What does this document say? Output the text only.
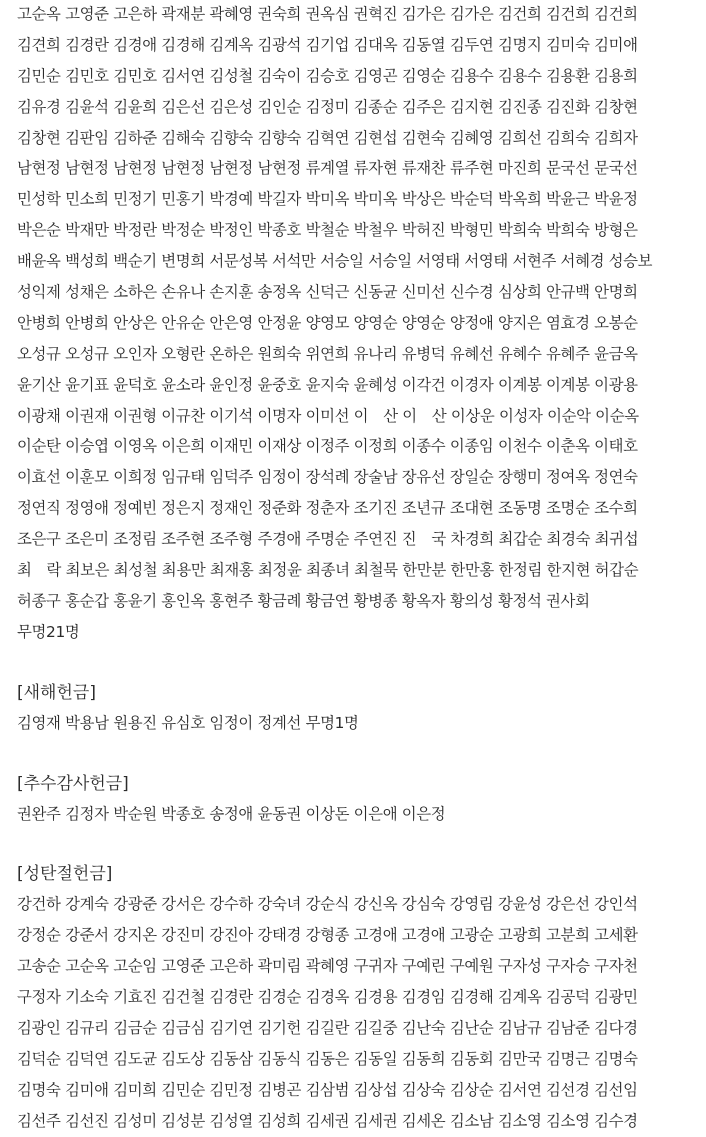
고순옥 고영준 고은하 곽재분 곽혜영 권숙희 권옥심 권혁진 김가은 김가은 김건희 김건희 김건희
김견희 김경란 김경애 김경해 김계옥 김광석 김기업 김대옥 김동열 김두연 김명지 김미숙 김미애
김민순 김민호 김민호 김서연 김성철 김숙이 김승호 김영곤 김영순 김용수 김용수 김용환 김용희
김유경 김윤석 김윤희 김은선 김은성 김인순 김정미 김종순 김주은 김지현 김진종 김진화 김창현
김창현 김판임 김하준 김해숙 김향숙 김향숙 김혁연 김현섭 김현숙 김혜영 김희선 김희숙 김희자
남현정 남현정 남현정 남현정 남현정 남현정 류계열 류자현 류재찬 류주현 마진희 문국선 문국선
민성학 민소희 민정기 민홍기 박경예 박길자 박미옥 박미옥 박상은 박순덕 박옥희 박윤근 박윤정
박은순 박재만 박정란 박정순 박정인 박종호 박철순 박철우 박허진 박형민 박희숙 박희숙 방형은
배윤옥 백성희 백순기 변명희 서문성복 서석만 서승일 서승일 서영태 서영태 서현주 서혜경 성승보
성익제 성채은 소하은 손유나 손지훈 송정옥 신덕근 신동균 신미선 신수경 심상희 안규백 안명희
안병희 안병희 안상은 안유순 안은영 안정윤 양영모 양영순 양영순 양정애 양지은 염효경 오봉순
오성규 오성규 오인자 오형란 온하은 원희숙 위연희 유나리 유병덕 유혜선 유혜수 유혜주 윤금옥
윤기산 윤기표 윤덕호 윤소라 윤인정 윤중호 윤지숙 윤혜성 이각건 이경자 이계봉 이계봉 이광용
이광채 이권재 이권형 이규찬 이기석 이명자 이미선 이　산 이　산 이상운 이성자 이순악 이순옥
이순탄 이승엽 이영옥 이은희 이재민 이재상 이정주 이정희 이종수 이종임 이천수 이춘옥 이태호
이효선 이훈모 이희정 임규태 임덕주 임정이 장석례 장술남 장유선 장일순 장행미 정여옥 정연숙
정연직 정영애 정예빈 정은지 정재인 정준화 정춘자 조기진 조년규 조대현 조동명 조명순 조수희
조은구 조은미 조정림 조주현 조주형 주경애 주명순 주연진 진　국 차경희 최갑순 최경숙 최귀섭
최　락 최보은 최성철 최용만 최재홍 최정윤 최종녀 최철묵 한만분 한만홍 한정림 한지현 허갑순
허종구 홍순갑 홍윤기 홍인옥 홍현주 황금례 황금연 황병종 황옥자 황의성 황정석 권사회
무명21명
[새해헌금]
김영재 박용남 원용진 유심호 임정이 정계선 무명1명
[추수감사헌금]
권완주 김정자 박순원 박종호 송정애 윤동권 이상돈 이은애 이은정
[성탄절헌금]
강건하 강계숙 강광준 강서은 강수하 강숙녀 강순식 강신옥 강심숙 강영림 강윤성 강은선 강인석
강정순 강준서 강지온 강진미 강진아 강태경 강형종 고경애 고경애 고광순 고광희 고분희 고세환
고송순 고순옥 고순임 고영준 고은하 곽미림 곽혜영 구귀자 구예린 구예원 구자성 구자승 구자천
구정자 기소숙 기효진 김건철 김경란 김경순 김경옥 김경용 김경임 김경해 김계옥 김공덕 김광민
김광인 김규리 김금순 김금심 김기연 김기헌 김길란 김길중 김난숙 김난순 김남규 김남준 김다경
김덕순 김덕연 김도균 김도상 김동삼 김동식 김동은 김동일 김동희 김동회 김만국 김명근 김명숙
김명숙 김미애 김미희 김민순 김민정 김병곤 김삼범 김상섭 김상숙 김상순 김서연 김선경 김선임
김선주 김선진 김성미 김성분 김성열 김성희 김세권 김세권 김세온 김소남 김소영 김소영 김수경
